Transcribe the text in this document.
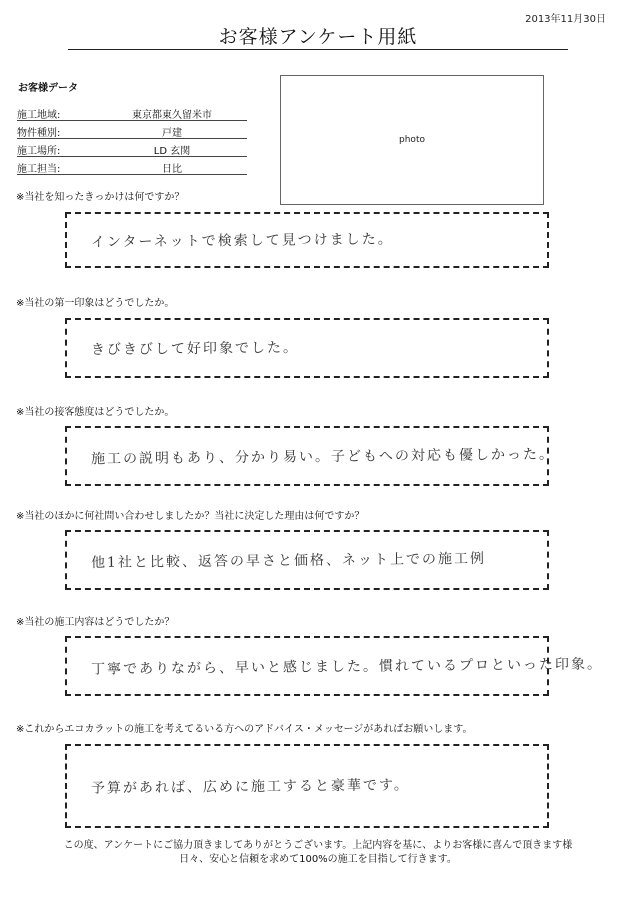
2013年11月30日
お客様アンケート用紙
お客様データ
施工地域:	東京都東久留米市
物件種別:	戸建
施工場所:	LD 玄関
施工担当:	日比
photo
※当社を知ったきっかけは何ですか？
インターネットで検索して見つけました。
※当社の第一印象はどうでしたか。
きびきびして好印象でした。
※当社の接客態度はどうでしたか。
施工の説明もあり、分かり易い。子どもへの対応も優しかった。
※当社のほかに何社問い合わせしましたか？当社に決定した理由は何ですか？
他1社と比較、返答の早さと価格、ネット上での施工例
※当社の施工内容はどうでしたか？
丁寧でありながら、早いと感じました。慣れているプロといった印象。
※これからエコカラットの施工を考えてるいる方へのアドバイス・メッセージがあればお願いします。
予算があれば、広めに施工すると豪華です。
この度、アンケートにご協力頂きましてありがとうございます。上記内容を基に、よりお客様に喜んで頂きます様
日々、安心と信頼を求めて100%の施工を目指して行きます。
